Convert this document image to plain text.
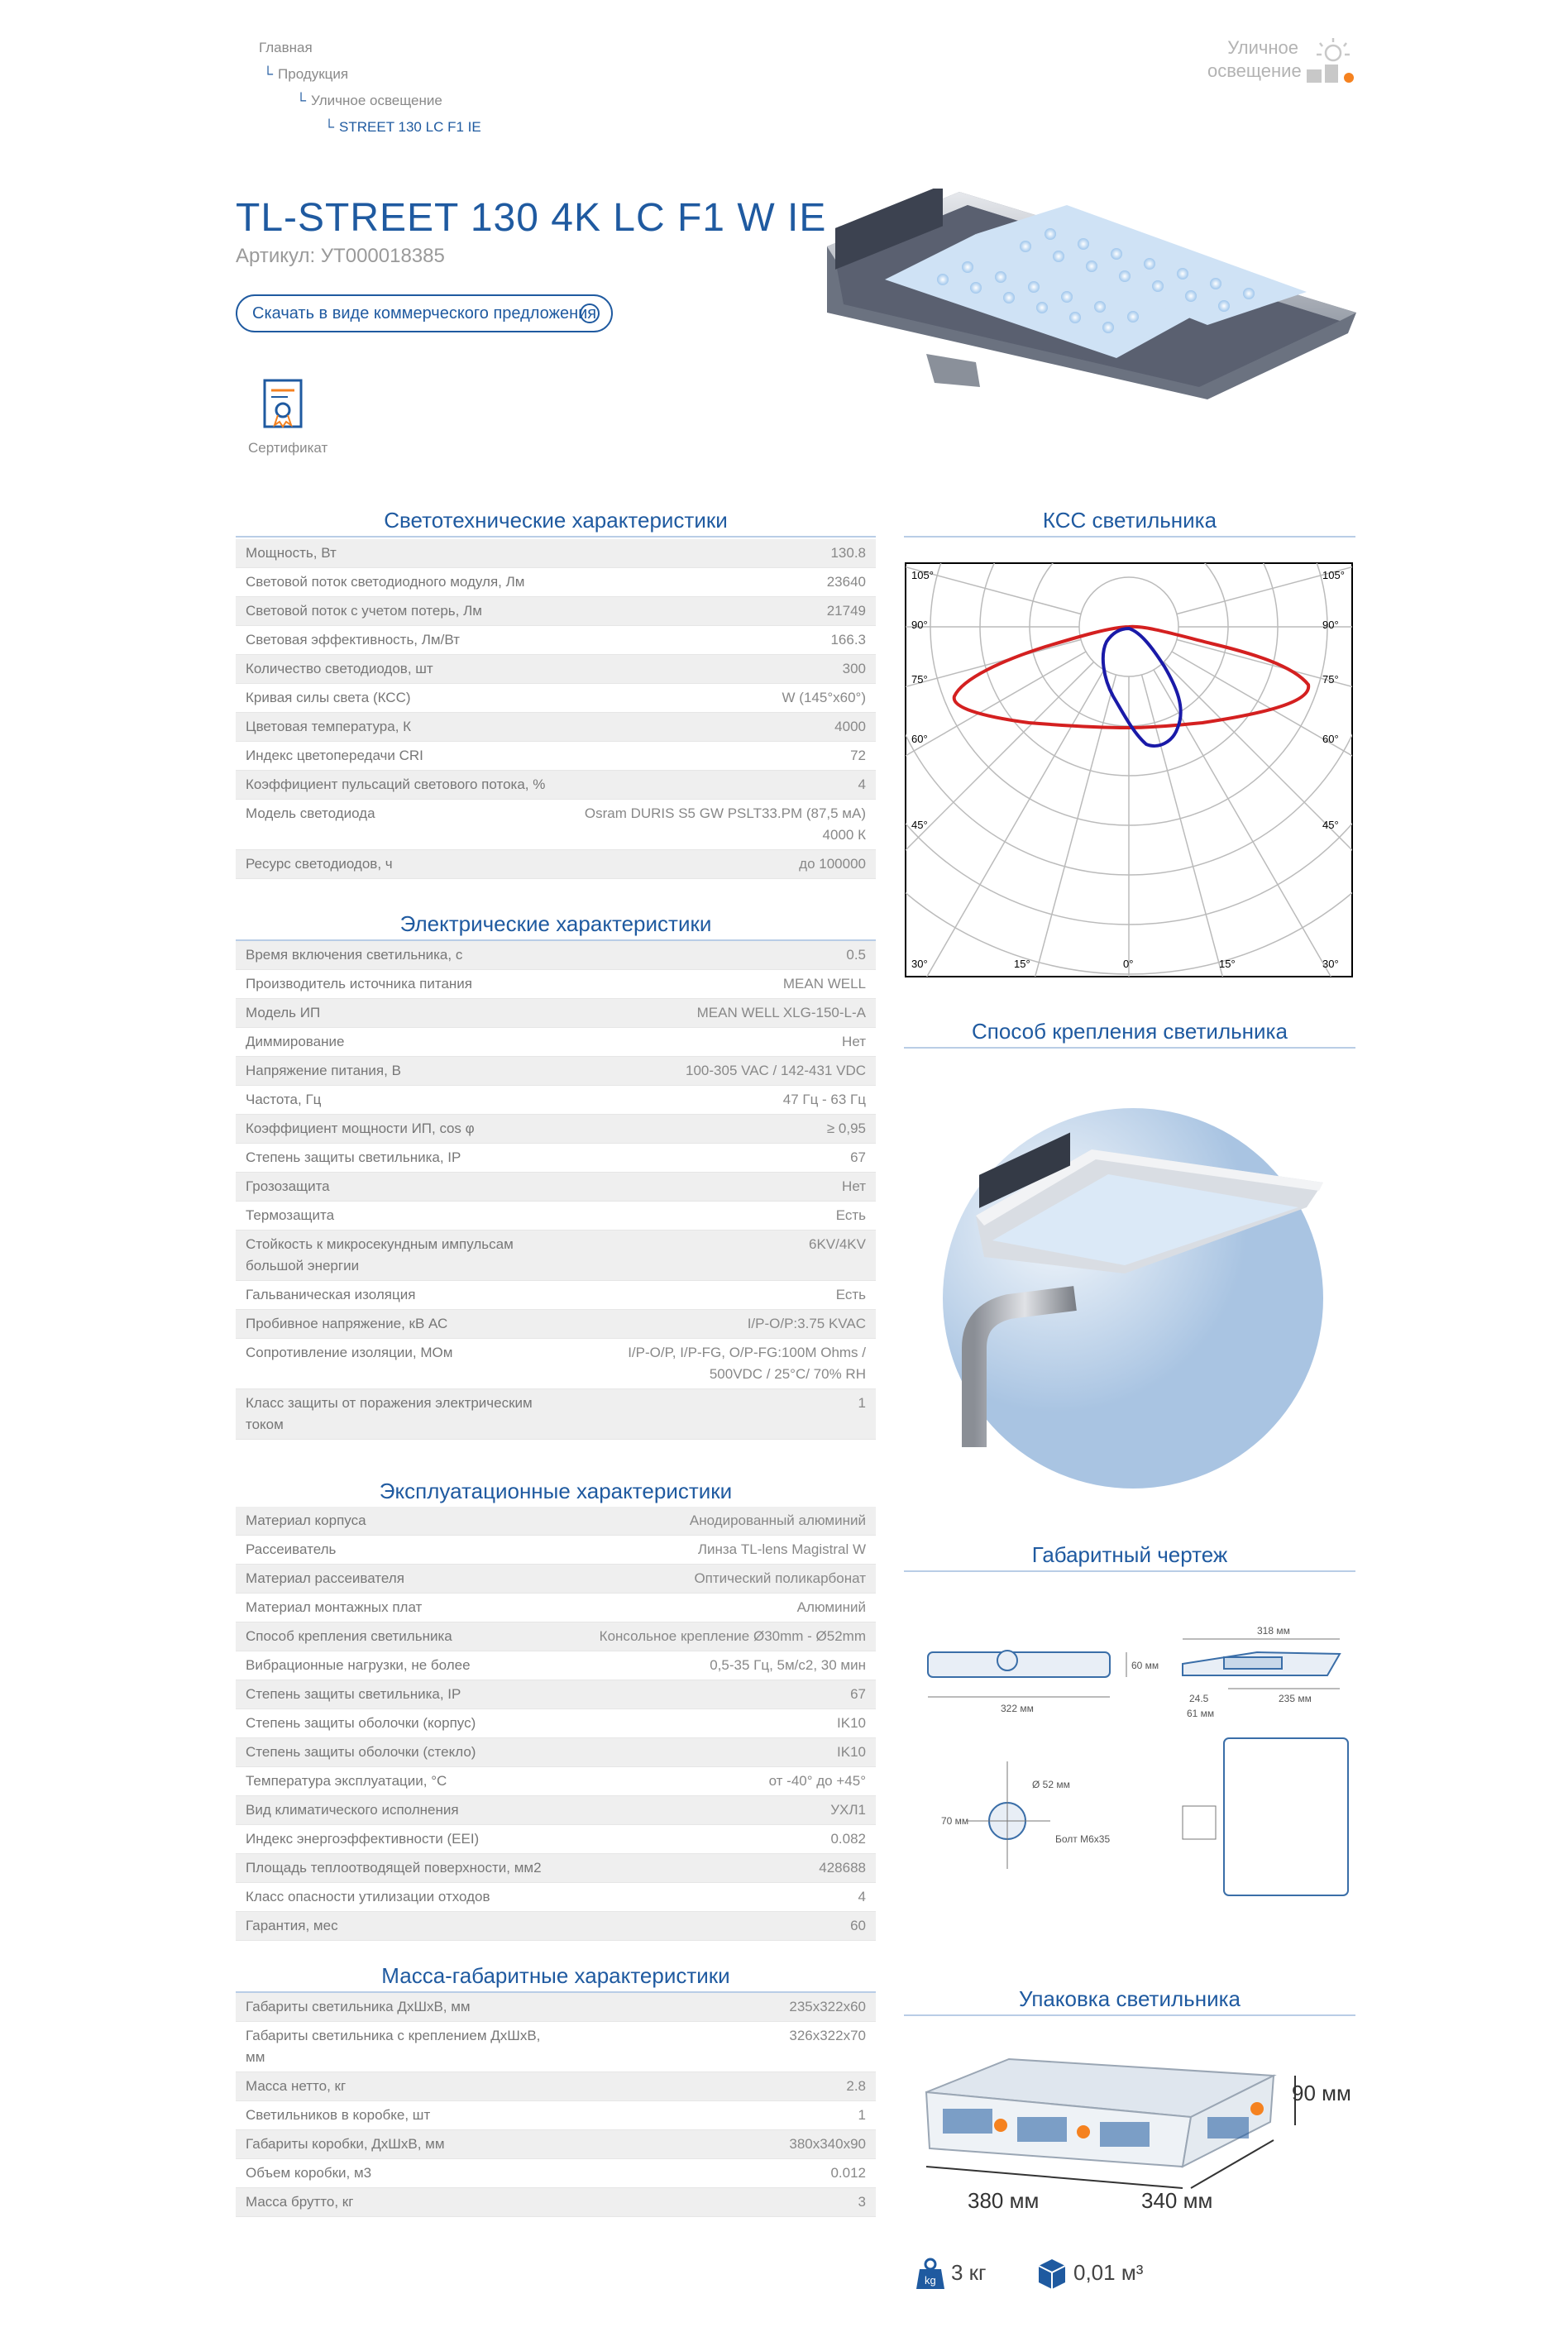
Главная
└ Продукция
└ Уличное освещение
└ STREET 130 LC F1 IE
Уличное
освещение
TL-STREET 130 4K LC F1 W IE
Артикул: УТ000018385
Скачать в виде коммерческого предложения
Сертификат
Светотехнические характеристики
Мощность, Вт	130.8
Световой поток светодиодного модуля, Лм	23640
Световой поток с учетом потерь, Лм	21749
Световая эффективность, Лм/Вт	166.3
Количество светодиодов, шт	300
Кривая силы света (КСС)	W (145°х60°)
Цветовая температура, К	4000
Индекс цветопередачи CRI	72
Коэффициент пульсаций светового потока, %	4
Модель светодиода	Osram DURIS S5 GW PSLT33.PM (87,5 мА) 4000 К
Ресурс светодиодов, ч	до 100000
Электрические характеристики
Время включения светильника, с	0.5
Производитель источника питания	MEAN WELL
Модель ИП	MEAN WELL XLG-150-L-A
Диммирование	Нет
Напряжение питания, В	100-305 VAC / 142-431 VDC
Частота, Гц	47 Гц - 63 Гц
Коэффициент мощности ИП, cos φ	≥ 0,95
Степень защиты светильника, IP	67
Грозозащита	Нет
Термозащита	Есть
Стойкость к микросекундным импульсам большой энергии	6KV/4KV
Гальваническая изоляция	Есть
Пробивное напряжение, кВ АС	I/P-O/P:3.75 KVAC
Сопротивление изоляции, МОм	I/P-O/P, I/P-FG, O/P-FG:100M Ohms / 500VDC / 25°C/ 70% RH
Класс защиты от поражения электрическим током	1
Эксплуатационные характеристики
Материал корпуса	Анодированный алюминий
Рассеиватель	Линза TL-lens Magistral W
Материал рассеивателя	Оптический поликарбонат
Материал монтажных плат	Алюминий
Способ крепления светильника	Консольное крепление Ø30mm - Ø52mm
Вибрационные нагрузки, не более	0,5-35 Гц, 5м/с2, 30 мин
Степень защиты светильника, IP	67
Степень защиты оболочки (корпус)	IK10
Степень защиты оболочки (стекло)	IK10
Температура эксплуатации, °С	от -40° до +45°
Вид климатического исполнения	УХЛ1
Индекс энергоэффективности (EEI)	0.082
Площадь теплоотводящей поверхности, мм2	428688
Класс опасности утилизации отходов	4
Гарантия, мес	60
Масса-габаритные характеристики
Габариты светильника ДхШхВ, мм	235x322x60
Габариты светильника с креплением ДхШхВ, мм	326x322x70
Масса нетто, кг	2.8
Светильников в коробке, шт	1
Габариты коробки, ДхШхВ, мм	380x340x90
Объем коробки, м3	0.012
Масса брутто, кг	3
КСС светильника
105°
90°
75°
60°
45°
30°
105°
90°
75°
60°
45°
30°
15°	0°	15°
Способ крепления светильника
Габаритный чертеж
322 мм
60 мм
318 мм
235 мм
24.5
61 мм
Ø 52 мм
70 мм
Болт М6х35
Упаковка светильника
380 мм	340 мм
90 мм
kg 3 кг	0,01 м³
